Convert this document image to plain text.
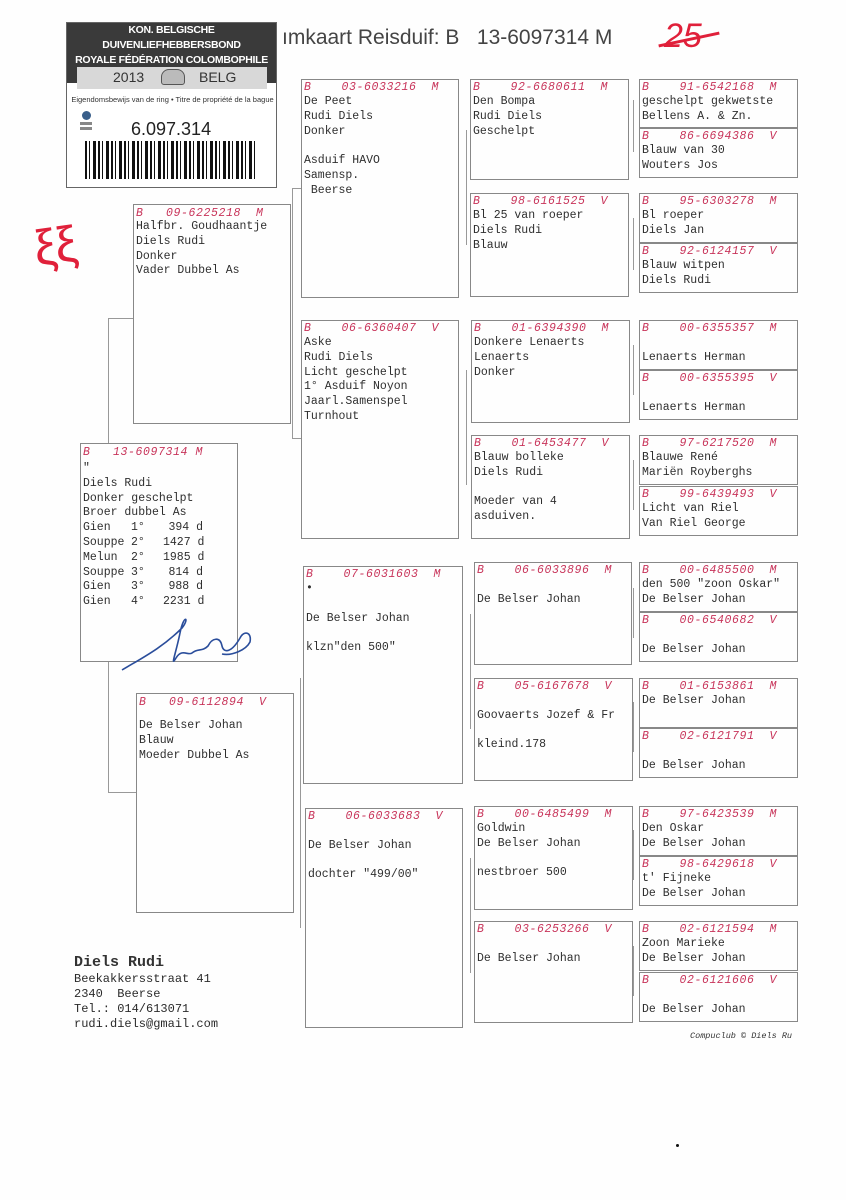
ımkaart Reisduif: B   13-6097314 M 25
ξξ
KON. BELGISCHE DUIVENLIEFHEBBERSBOND
ROYALE FÉDÉRATION COLOMBOPHILE
2013	BELG
Eigendomsbewijs van de ring • Titre de propriété de la bague
6.097.314
B   13-6097314 M
"
Diels Rudi
Donker geschelpt
Broer dubbel As
Gien 1°	394 d
Souppe 2° 1427 d
Melun 2° 1985 d
Souppe 3°	814 d
Gien 3°	988 d
Gien 4° 2231 d
B   09-6225218  M
Halfbr. Goudhaantje
Diels Rudi
Donker
Vader Dubbel As
B   09-6112894  V
De Belser Johan
Blauw
Moeder Dubbel As
B    03-6033216  M
De Peet
Rudi Diels
Donker
Asduif HAVO
Samensp.
Beerse
B    06-6360407  V
Aske
Rudi Diels
Licht geschelpt
1° Asduif Noyon
Jaarl.Samenspel
Turnhout
B    07-6031603  M
•
De Belser Johan
klzn"den 500"
B    06-6033683  V
De Belser Johan
dochter "499/00"
B    92-6680611  M
Den Bompa
Rudi Diels
Geschelpt
B    98-6161525  V
Bl 25 van roeper
Diels Rudi
Blauw
B    01-6394390  M
Donkere Lenaerts
Lenaerts
Donker
B    01-6453477  V
Blauw bolleke
Diels Rudi
Moeder van 4
asduiven.
B    06-6033896  M
De Belser Johan
B    05-6167678  V
Goovaerts Jozef & Fr
kleind.178
B    00-6485499  M
Goldwin
De Belser Johan
nestbroer 500
B    03-6253266  V
De Belser Johan
B    91-6542168  M
geschelpt gekwetste
Bellens A. & Zn.
B    86-6694386  V
Blauw van 30
Wouters Jos
B    95-6303278  M
Bl roeper
Diels Jan
B    92-6124157  V
Blauw witpen
Diels Rudi
B    00-6355357  M
Lenaerts Herman
B    00-6355395  V
Lenaerts Herman
B    97-6217520  M
Blauwe René
Mariën Royberghs
B    99-6439493  V
Licht van Riel
Van Riel George
B    00-6485500  M
den 500 "zoon Oskar"
De Belser Johan
B    00-6540682  V
De Belser Johan
B    01-6153861  M
De Belser Johan
B    02-6121791  V
De Belser Johan
B    97-6423539  M
Den Oskar
De Belser Johan
B    98-6429618  V
t' Fijneke
De Belser Johan
B    02-6121594  M
Zoon Marieke
De Belser Johan
B    02-6121606  V
De Belser Johan
Diels Rudi
Beekakkersstraat 41
2340  Beerse
Tel.: 014/613071
rudi.diels@gmail.com
Compuclub © Diels Ru
